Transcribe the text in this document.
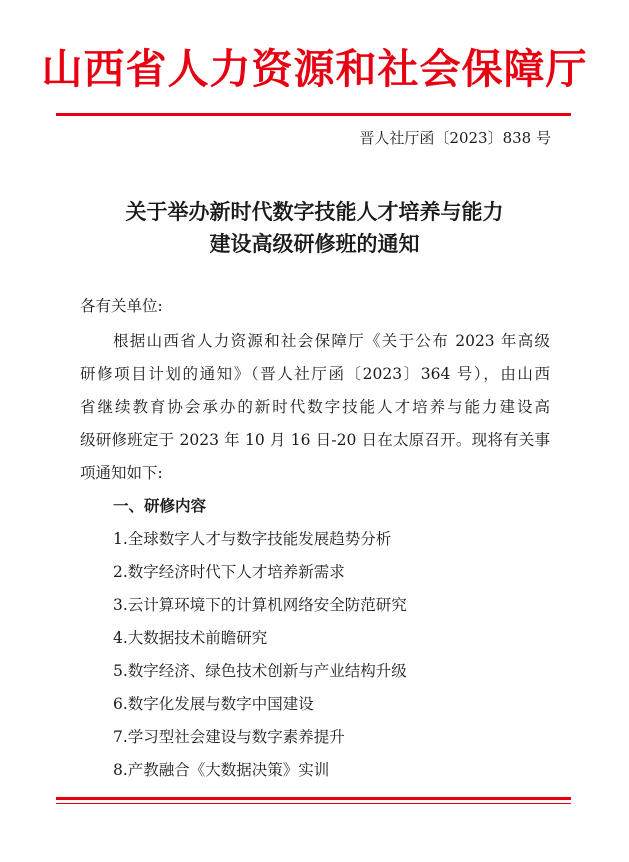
山西省人力资源和社会保障厅
晋人社厅函〔2023〕838 号
关于举办新时代数字技能人才培养与能力
建设高级研修班的通知
各有关单位:
根据山西省人力资源和社会保障厅《关于公布 2023 年高级
研修项目计划的通知》（晋人社厅函〔2023〕364 号），由山西
省继续教育协会承办的新时代数字技能人才培养与能力建设高
级研修班定于 2023 年 10 月 16 日-20 日在太原召开。现将有关事
项通知如下:
一、研修内容
1.全球数字人才与数字技能发展趋势分析
2.数字经济时代下人才培养新需求
3.云计算环境下的计算机网络安全防范研究
4.大数据技术前瞻研究
5.数字经济、绿色技术创新与产业结构升级
6.数字化发展与数字中国建设
7.学习型社会建设与数字素养提升
8.产教融合《大数据决策》实训
